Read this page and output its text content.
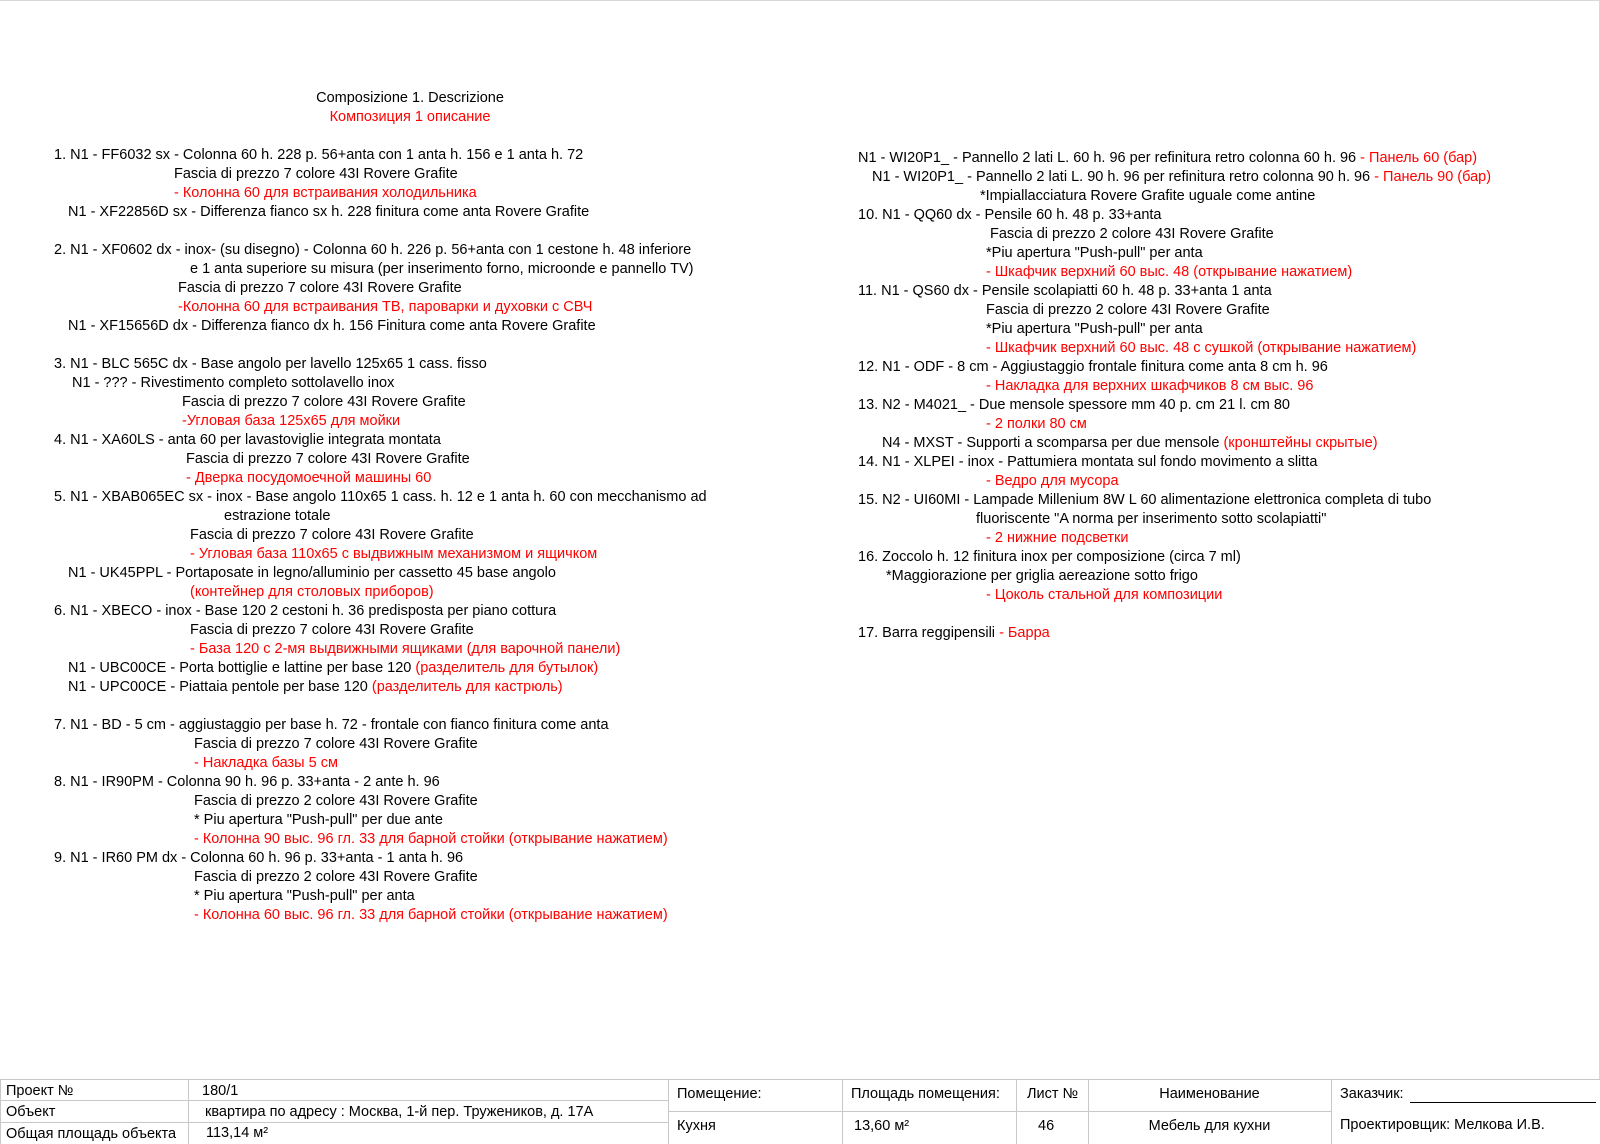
Composizione 1. Descrizione
Композиция 1 описание
1. N1 - FF6032 sx - Colonna 60 h. 228 p. 56+anta con 1 anta h. 156 e 1 anta h. 72
Fascia di prezzo 7 colore 43I Rovere Grafite
- Колонна 60 для встраивания холодильника
N1 - XF22856D sx - Differenza fianco sx h. 228 finitura come anta Rovere Grafite
2. N1 - XF0602 dx - inox- (su disegno) - Colonna 60 h. 226 p. 56+anta con 1 cestone h. 48 inferiore
e 1 anta superiore su misura (per inserimento forno, microonde e pannello TV)
Fascia di prezzo 7 colore 43I Rovere Grafite
-Колонна 60 для встраивания ТВ, пароварки и духовки с СВЧ
N1 - XF15656D dx - Differenza fianco dx h. 156 Finitura come anta Rovere Grafite
3. N1 - BLC 565C dx - Base angolo per lavello 125x65 1 cass. fisso
N1 - ??? - Rivestimento completo sottolavello inox
Fascia di prezzo 7 colore 43I Rovere Grafite
-Угловая база 125x65 для мойки
4. N1 - XA60LS - anta 60 per lavastoviglie integrata montata
Fascia di prezzo 7 colore 43I Rovere Grafite
- Дверка посудомоечной машины 60
5. N1 - XBAB065EC sx - inox - Base angolo 110x65 1 cass. h. 12 e 1 anta h. 60 con mecchanismo ad
estrazione totale
Fascia di prezzo 7 colore 43I Rovere Grafite
- Угловая база 110x65 с выдвижным механизмом и ящичком
N1 - UK45PPL - Portaposate in legno/alluminio per cassetto 45 base angolo
(контейнер для столовых приборов)
6. N1 - XBECO - inox - Base 120 2 cestoni h. 36 predisposta per piano cottura
Fascia di prezzo 7 colore 43I Rovere Grafite
- База 120 с 2-мя выдвижными ящиками (для варочной панели)
N1 - UBC00CE - Porta bottiglie e lattine per base 120 (разделитель для бутылок)
N1 - UPC00CE - Piattaia pentole per base 120 (разделитель для кастрюль)
7. N1 - BD - 5 cm - aggiustaggio per base h. 72 - frontale con fianco finitura come anta
Fascia di prezzo 7 colore 43I Rovere Grafite
- Накладка базы 5 см
8. N1 - IR90PM - Colonna 90 h. 96 p. 33+anta - 2 ante h. 96
Fascia di prezzo 2 colore 43I Rovere Grafite
* Piu apertura "Push-pull" per due ante
- Колонна 90 выс. 96 гл. 33 для барной стойки (открывание нажатием)
9. N1 - IR60 PM dx - Colonna 60 h. 96 p. 33+anta - 1 anta h. 96
Fascia di prezzo 2 colore 43I Rovere Grafite
* Piu apertura "Push-pull" per anta
- Колонна 60 выс. 96 гл. 33 для барной стойки (открывание нажатием)
N1 - WI20P1_ - Pannello 2 lati L. 60 h. 96 per refinitura retro colonna 60 h. 96 - Панель 60 (бар)
N1 - WI20P1_ - Pannello 2 lati L. 90 h. 96 per refinitura retro colonna 90 h. 96 - Панель 90 (бар)
*Impiallacciatura Rovere Grafite uguale come antine
10. N1 - QQ60 dx - Pensile 60 h. 48 p. 33+anta
Fascia di prezzo 2 colore 43I Rovere Grafite
*Piu apertura "Push-pull" per anta
- Шкафчик верхний 60 выс. 48 (открывание нажатием)
11. N1 - QS60 dx - Pensile scolapiatti 60 h. 48 p. 33+anta 1 anta
Fascia di prezzo 2 colore 43I Rovere Grafite
*Piu apertura "Push-pull" per anta
- Шкафчик верхний 60 выс. 48 с сушкой (открывание нажатием)
12. N1 - ODF - 8 cm - Aggiustaggio frontale finitura come anta 8 cm h. 96
- Накладка для верхних шкафчиков 8 см выс. 96
13. N2 - M4021_ - Due mensole spessore mm 40 p. cm 21 l. cm 80
- 2 полки 80 см
N4 - MXST - Supporti a scomparsa per due mensole (кронштейны скрытые)
14. N1 - XLPEI - inox - Pattumiera montata sul fondo movimento a slitta
- Ведро для мусора
15. N2 - UI60MI - Lampade Millenium 8W L 60 alimentazione elettronica completa di tubo
fluoriscente "A norma per inserimento sotto scolapiatti"
- 2 нижние подсветки
16. Zoccolo h. 12 finitura inox per composizione (circa 7 ml)
*Maggiorazione per griglia aereazione sotto frigo
- Цоколь стальной для композиции
17. Barra reggipensili - Барра
Проект №	180/1
Объект	квартира по адресу : Москва, 1-й пер. Тружеников, д. 17А
Общая площадь объекта 113,14 м²
Помещение:
Кухня
Площадь помещения:
13,60 м²
Лист №
46
Наименование
Мебель для кухни
Заказчик:
Проектировщик: Мелкова И.В.
